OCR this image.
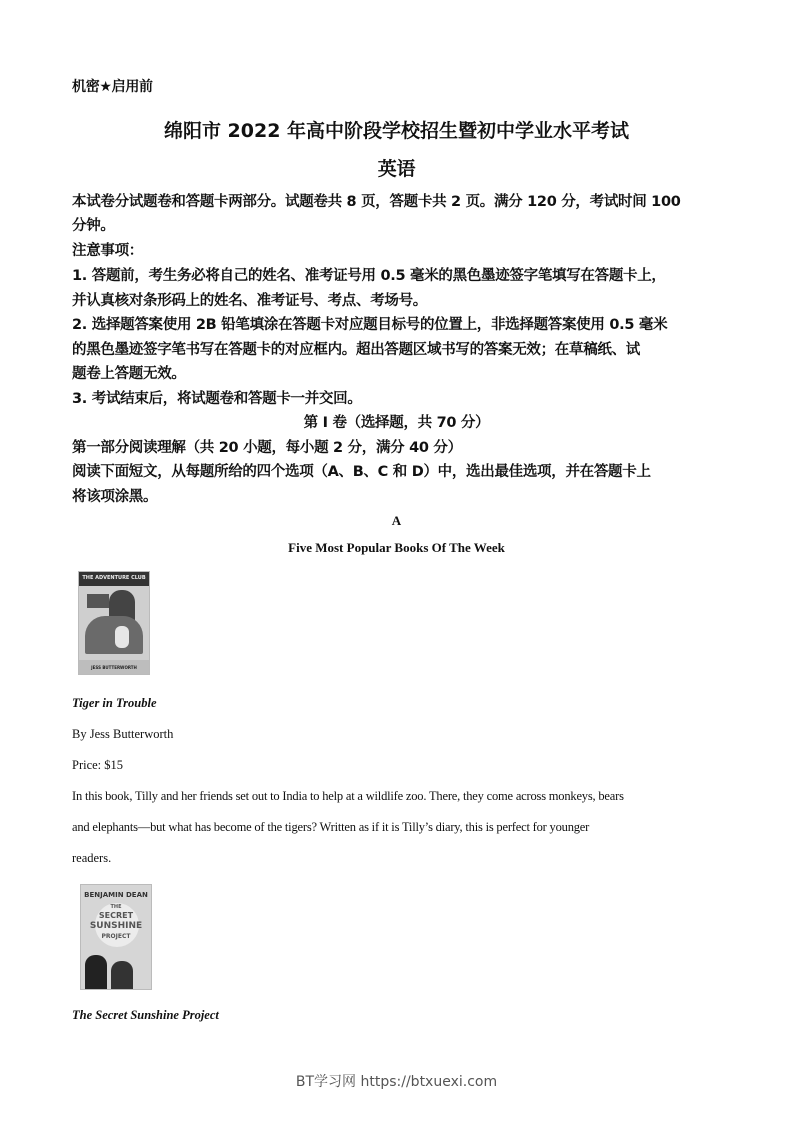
机密★启用前
绵阳市 2022 年高中阶段学校招生暨初中学业水平考试
英语
本试卷分试题卷和答题卡两部分。试题卷共 8 页，答题卡共 2 页。满分 120 分，考试时间 100
分钟。
注意事项：
1. 答题前，考生务必将自己的姓名、准考证号用 0.5 毫米的黑色墨迹签字笔填写在答题卡上，
并认真核对条形码上的姓名、准考证号、考点、考场号。
2. 选择题答案使用 2B 铅笔填涂在答题卡对应题目标号的位置上，非选择题答案使用 0.5 毫米
的黑色墨迹签字笔书写在答题卡的对应框内。超出答题区域书写的答案无效；在草稿纸、试
题卷上答题无效。
3. 考试结束后，将试题卷和答题卡一并交回。
第 I 卷（选择题，共 70 分）
第一部分阅读理解（共 20 小题，每小题 2 分，满分 40 分）
阅读下面短文，从每题所给的四个选项（A、B、C 和 D）中，选出最佳选项，并在答题卡上
将该项涂黑。
A
Five Most Popular Books Of The Week
THE ADVENTURE CLUB
JESS BUTTERWORTH
Tiger in Trouble
By Jess Butterworth
Price: $15
In this book, Tilly and her friends set out to India to help at a wildlife zoo. There, they come across monkeys, bears
and elephants—but what has become of the tigers? Written as if it is Tilly’s diary, this is perfect for younger
readers.
BENJAMIN DEAN
THE
SECRET
SUNSHINE
PROJECT
The Secret Sunshine Project
BT学习网 https://btxuexi.com
